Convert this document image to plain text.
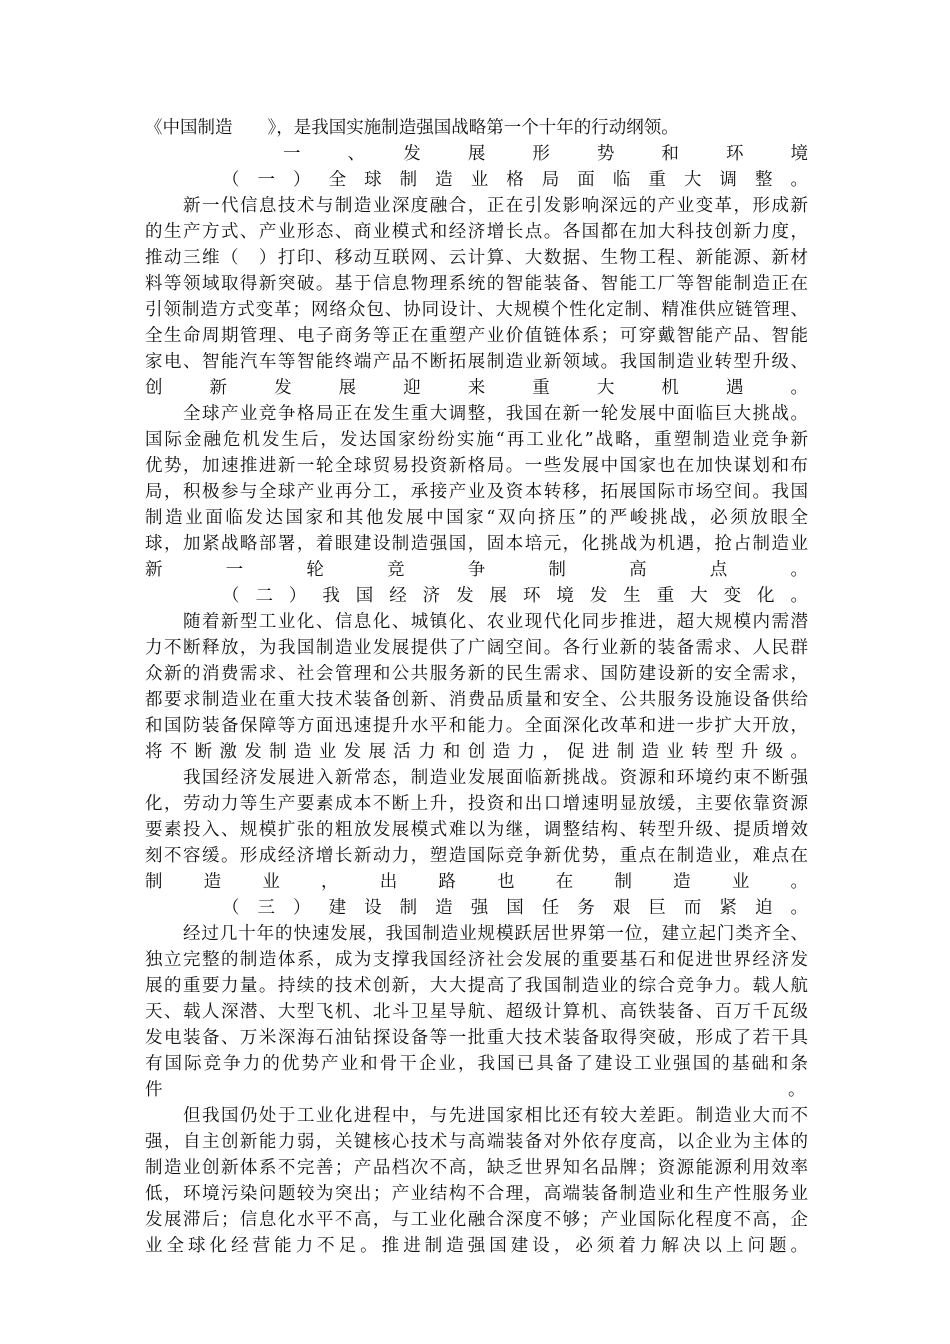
《中国制造　　》，是我国实施制造强国战略第一个十年的行动纲领。
一　、　发　展　形　势　和　环　境
（一）全球制造业格局面临重大调整。
新一代信息技术与制造业深度融合，正在引发影响深远的产业变革，形成新
的生产方式、产业形态、商业模式和经济增长点。各国都在加大科技创新力度，
推动三维（　）打印、移动互联网、云计算、大数据、生物工程、新能源、新材
料等领域取得新突破。基于信息物理系统的智能装备、智能工厂等智能制造正在
引领制造方式变革；网络众包、协同设计、大规模个性化定制、精准供应链管理、
全生命周期管理、电子商务等正在重塑产业价值链体系；可穿戴智能产品、智能
家电、智能汽车等智能终端产品不断拓展制造业新领域。我国制造业转型升级、
创新发展迎来重大机遇。
全球产业竞争格局正在发生重大调整，我国在新一轮发展中面临巨大挑战。
国际金融危机发生后，发达国家纷纷实施“再工业化”战略，重塑制造业竞争新
优势，加速推进新一轮全球贸易投资新格局。一些发展中国家也在加快谋划和布
局，积极参与全球产业再分工，承接产业及资本转移，拓展国际市场空间。我国
制造业面临发达国家和其他发展中国家“双向挤压”的严峻挑战，必须放眼全
球，加紧战略部署，着眼建设制造强国，固本培元，化挑战为机遇，抢占制造业
新一轮竞争制高点。
（二）我国经济发展环境发生重大变化。
随着新型工业化、信息化、城镇化、农业现代化同步推进，超大规模内需潜
力不断释放，为我国制造业发展提供了广阔空间。各行业新的装备需求、人民群
众新的消费需求、社会管理和公共服务新的民生需求、国防建设新的安全需求，
都要求制造业在重大技术装备创新、消费品质量和安全、公共服务设施设备供给
和国防装备保障等方面迅速提升水平和能力。全面深化改革和进一步扩大开放，
将不断激发制造业发展活力和创造力，促进制造业转型升级。
我国经济发展进入新常态，制造业发展面临新挑战。资源和环境约束不断强
化，劳动力等生产要素成本不断上升，投资和出口增速明显放缓，主要依靠资源
要素投入、规模扩张的粗放发展模式难以为继，调整结构、转型升级、提质增效
刻不容缓。形成经济增长新动力，塑造国际竞争新优势，重点在制造业，难点在
制造业，出路也在制造业。
（三）建设制造强国任务艰巨而紧迫。
经过几十年的快速发展，我国制造业规模跃居世界第一位，建立起门类齐全、
独立完整的制造体系，成为支撑我国经济社会发展的重要基石和促进世界经济发
展的重要力量。持续的技术创新，大大提高了我国制造业的综合竞争力。载人航
天、载人深潜、大型飞机、北斗卫星导航、超级计算机、高铁装备、百万千瓦级
发电装备、万米深海石油钻探设备等一批重大技术装备取得突破，形成了若干具
有国际竞争力的优势产业和骨干企业，我国已具备了建设工业强国的基础和条
件	。
但我国仍处于工业化进程中，与先进国家相比还有较大差距。制造业大而不
强，自主创新能力弱，关键核心技术与高端装备对外依存度高，以企业为主体的
制造业创新体系不完善；产品档次不高，缺乏世界知名品牌；资源能源利用效率
低，环境污染问题较为突出；产业结构不合理，高端装备制造业和生产性服务业
发展滞后；信息化水平不高，与工业化融合深度不够；产业国际化程度不高，企
业全球化经营能力不足。推进制造强国建设，必须着力解决以上问题。
